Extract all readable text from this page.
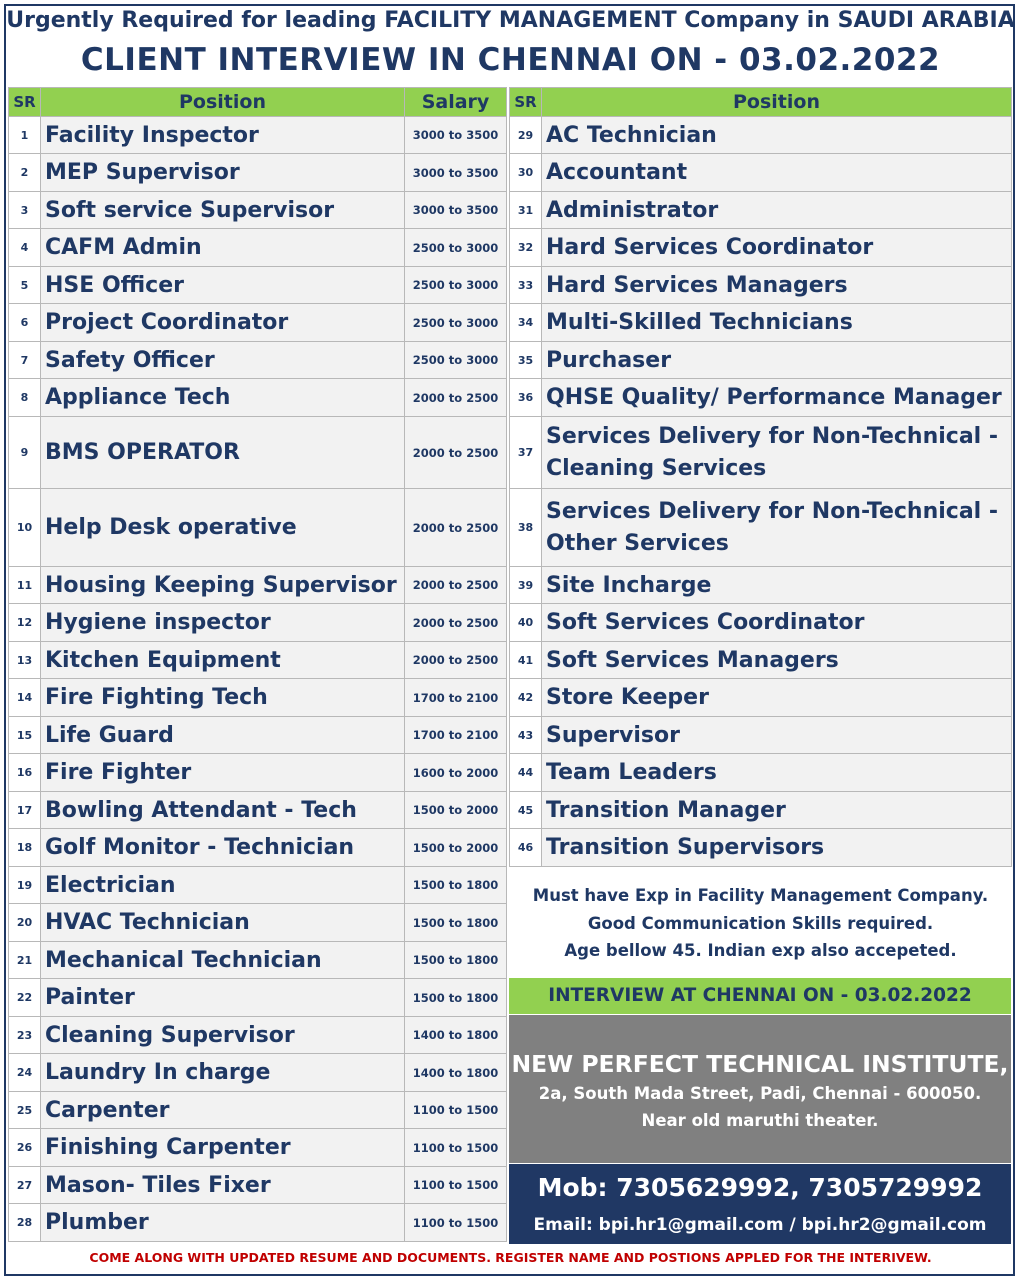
Urgently Required for leading FACILITY MANAGEMENT Company in SAUDI ARABIA
CLIENT INTERVIEW IN CHENNAI ON - 03.02.2022
SR	Position	Salary
1	Facility Inspector	3000 to 3500
2	MEP Supervisor	3000 to 3500
3	Soft service Supervisor	3000 to 3500
4	CAFM Admin	2500 to 3000
5	HSE Officer	2500 to 3000
6	Project Coordinator	2500 to 3000
7	Safety Officer	2500 to 3000
8	Appliance Tech	2000 to 2500
9	BMS OPERATOR	2000 to 2500
10	Help Desk operative	2000 to 2500
11	Housing Keeping Supervisor	2000 to 2500
12	Hygiene inspector	2000 to 2500
13	Kitchen Equipment	2000 to 2500
14	Fire Fighting Tech	1700 to 2100
15	Life Guard	1700 to 2100
16	Fire Fighter	1600 to 2000
17	Bowling Attendant - Tech	1500 to 2000
18	Golf Monitor - Technician	1500 to 2000
19	Electrician	1500 to 1800
20	HVAC Technician	1500 to 1800
21	Mechanical Technician	1500 to 1800
22	Painter	1500 to 1800
23	Cleaning Supervisor	1400 to 1800
24	Laundry In charge	1400 to 1800
25	Carpenter	1100 to 1500
26	Finishing Carpenter	1100 to 1500
27	Mason- Tiles Fixer	1100 to 1500
28	Plumber	1100 to 1500
SR	Position
29	AC Technician
30	Accountant
31	Administrator
32	Hard Services Coordinator
33	Hard Services Managers
34	Multi-Skilled Technicians
35	Purchaser
36	QHSE Quality/ Performance Manager
37	Services Delivery for Non-Technical - Cleaning Services
38	Services Delivery for Non-Technical - Other Services
39	Site Incharge
40	Soft Services Coordinator
41	Soft Services Managers
42	Store Keeper
43	Supervisor
44	Team Leaders
45	Transition Manager
46	Transition Supervisors
Must have Exp in Facility Management Company.
Good Communication Skills required.
Age bellow 45. Indian exp also accepeted.
INTERVIEW AT CHENNAI ON - 03.02.2022
NEW PERFECT TECHNICAL INSTITUTE,
2a, South Mada Street, Padi, Chennai - 600050.
Near old maruthi theater.
Mob: 7305629992, 7305729992
Email: bpi.hr1@gmail.com / bpi.hr2@gmail.com
COME ALONG WITH UPDATED RESUME AND DOCUMENTS. REGISTER NAME AND POSTIONS APPLED FOR THE INTERIVEW.
